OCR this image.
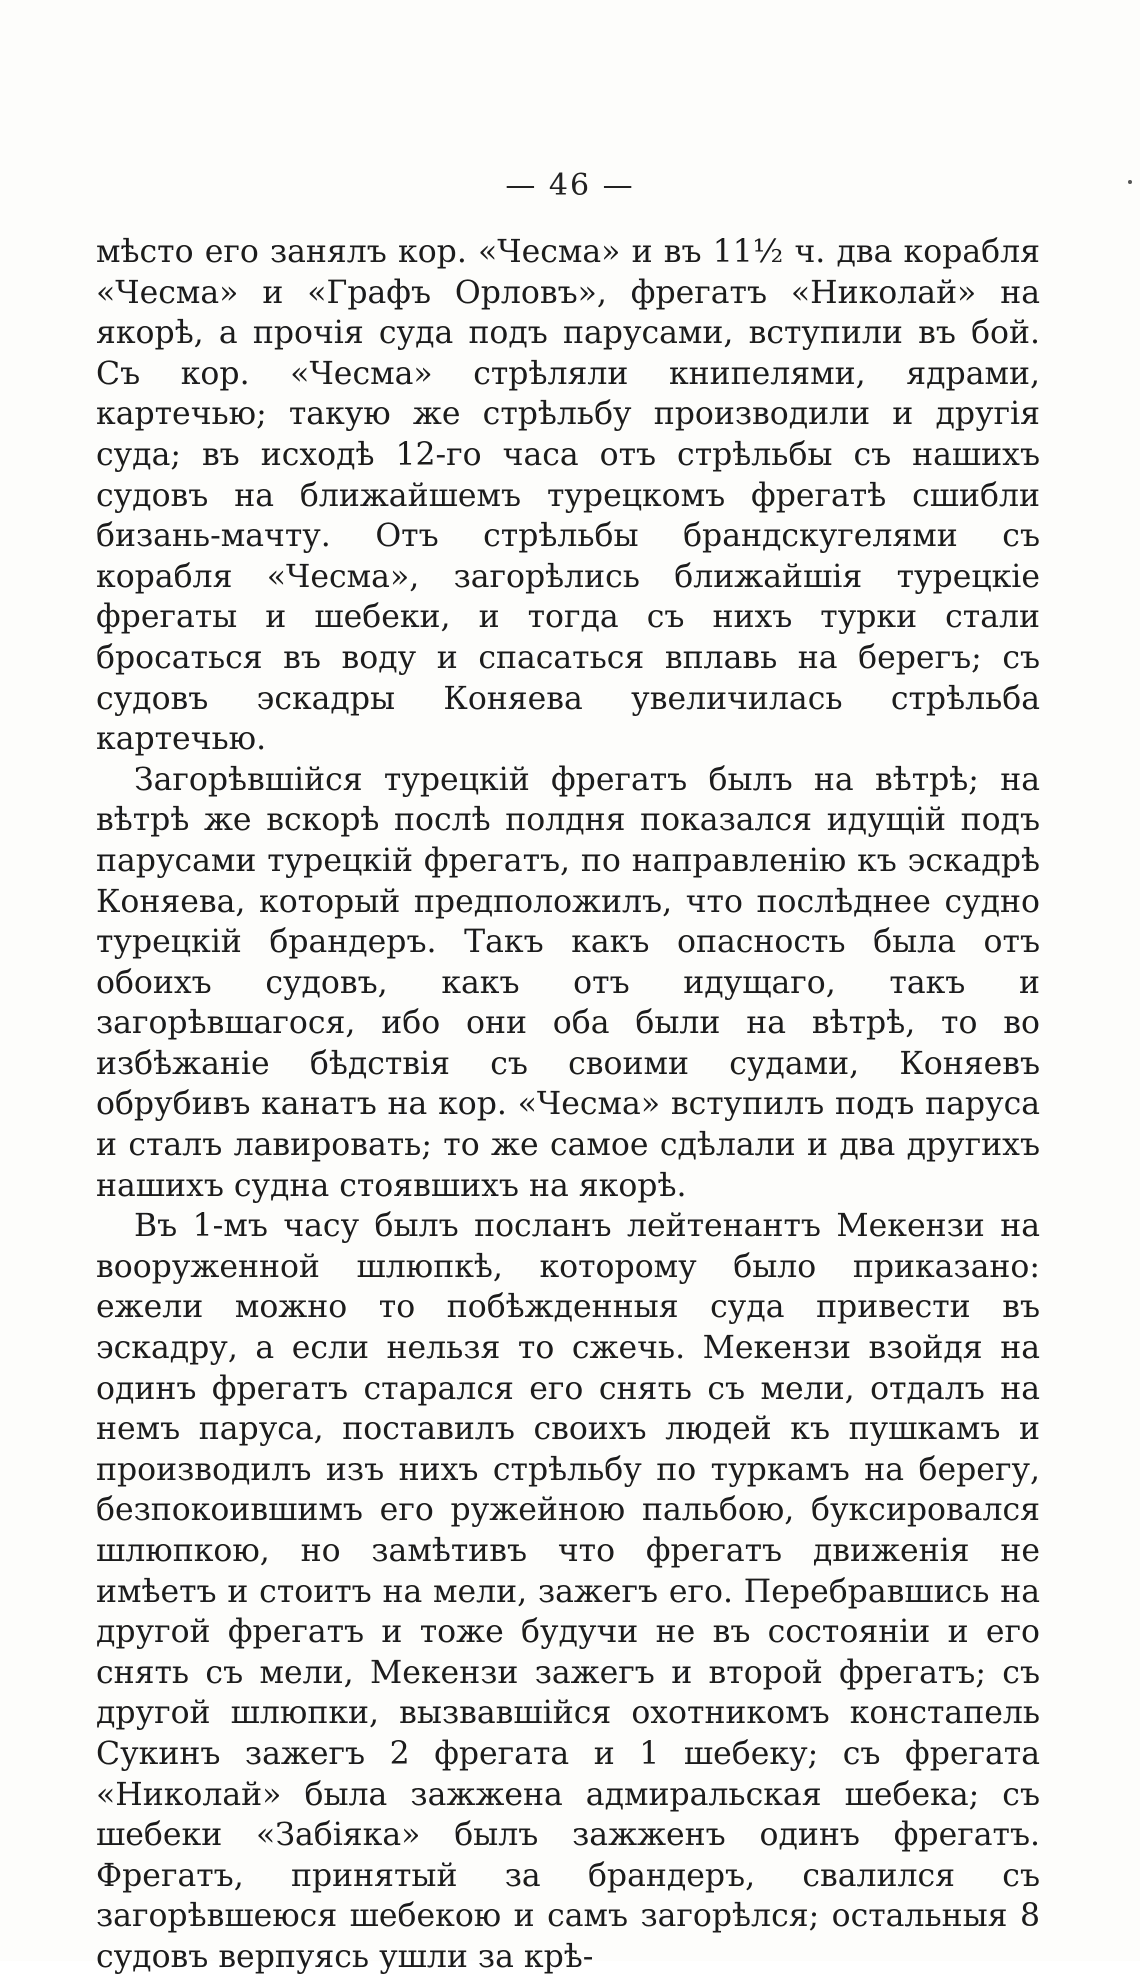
— 46 —

мѣсто его занялъ кор. «Чесма» и въ 11½ ч. два корабля «Чесма» и «Графъ Орловъ», фрегатъ «Николай» на якорѣ, а прочія суда подъ парусами, вступили въ бой. Съ кор. «Чесма» стрѣляли книпелями, ядрами, картечью; такую же стрѣльбу производили и другія суда; въ исходѣ 12-го часа отъ стрѣльбы съ нашихъ судовъ на ближайшемъ турецкомъ фрегатѣ сшибли бизань-мачту. Отъ стрѣльбы брандскугелями съ корабля «Чесма», загорѣлись ближайшія турецкіе фрегаты и шебеки, и тогда съ нихъ турки стали бросаться въ воду и спасаться вплавь на берегъ; съ судовъ эскадры Коняева увеличилась стрѣльба картечью.

Загорѣвшійся турецкій фрегатъ былъ на вѣтрѣ; на вѣтрѣ же вскорѣ послѣ полдня показался идущій подъ парусами турецкій фрегатъ, по направленію къ эскадрѣ Коняева, который предположилъ, что послѣднее судно турецкій брандеръ. Такъ какъ опасность была отъ обоихъ судовъ, какъ отъ идущаго, такъ и загорѣвшагося, ибо они оба были на вѣтрѣ, то во избѣжаніе бѣдствія съ своими судами, Коняевъ обрубивъ канатъ на кор. «Чесма» вступилъ подъ паруса и сталъ лавировать; то же самое сдѣлали и два другихъ нашихъ судна стоявшихъ на якорѣ.

Въ 1-мъ часу былъ посланъ лейтенантъ Мекензи на вооруженной шлюпкѣ, которому было приказано: ежели можно то побѣжденныя суда привести въ эскадру, а если нельзя то сжечь. Мекензи взойдя на одинъ фрегатъ старался его снять съ мели, отдалъ на немъ паруса, поставилъ своихъ людей къ пушкамъ и производилъ изъ нихъ стрѣльбу по туркамъ на берегу, безпокоившимъ его ружейною пальбою, буксировался шлюпкою, но замѣтивъ что фрегатъ движенія не имѣетъ и стоитъ на мели, зажегъ его. Перебравшись на другой фрегатъ и тоже будучи не въ состояніи и его снять съ мели, Мекензи зажегъ и второй фрегатъ; съ другой шлюпки, вызвавшійся охотникомъ констапель Сукинъ зажегъ 2 фрегата и 1 шебеку; съ фрегата «Николай» была зажжена адмиральская шебека; съ шебеки «Забіяка» былъ зажженъ одинъ фрегатъ. Фрегатъ, принятый за брандеръ, свалился съ загорѣвшеюся шебекою и самъ загорѣлся; остальныя 8 судовъ верпуясь ушли за крѣ-
